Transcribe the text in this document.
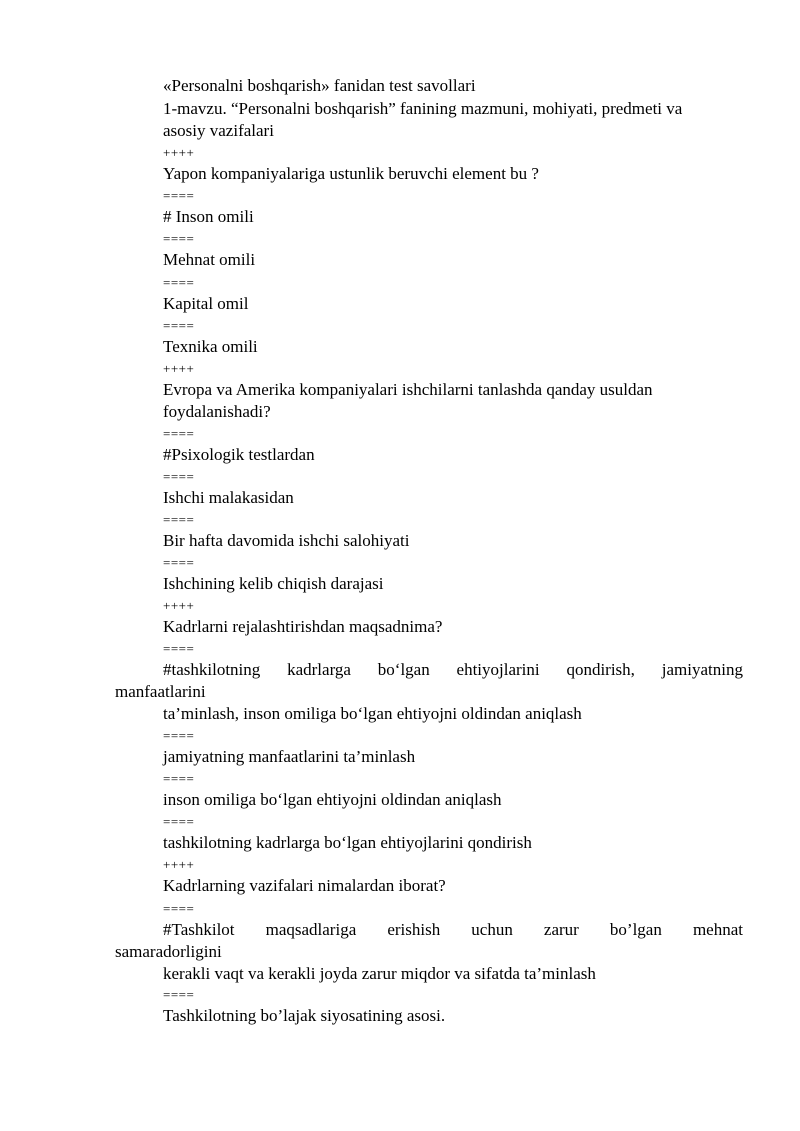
«Personalni boshqarish» fanidan test savollari

1-mavzu. “Personalni boshqarish” fanining mazmuni, mohiyati, predmeti va

asosiy vazifalari

++++

Yapon kompaniyalariga ustunlik beruvchi element bu ?

====

# Inson omili

====

Mehnat omili

====

Kapital omil

====

Texnika omili

++++

Evropa va Amerika kompaniyalari ishchilarni tanlashda qanday usuldan

foydalanishadi?

====

#Psixologik testlardan

====

Ishchi malakasidan

====

Bir hafta davomida ishchi salohiyati

====

Ishchining kelib chiqish darajasi

++++

Kadrlarni rejalashtirishdan maqsadnima?

====

#tashkilotning kadrlarga bo‘lgan ehtiyojlarini qondirish, jamiyatning

manfaatlarini

ta’minlash, inson omiliga bo‘lgan ehtiyojni oldindan aniqlash

====

jamiyatning manfaatlarini ta’minlash

====

inson omiliga bo‘lgan ehtiyojni oldindan aniqlash

====

tashkilotning kadrlarga bo‘lgan ehtiyojlarini qondirish

++++

Kadrlarning vazifalari nimalardan iborat?

====

#Tashkilot maqsadlariga erishish uchun zarur bo’lgan mehnat

samaradorligini

kerakli vaqt va kerakli joyda zarur miqdor va sifatda ta’minlash

====

Tashkilotning bo’lajak siyosatining asosi.
